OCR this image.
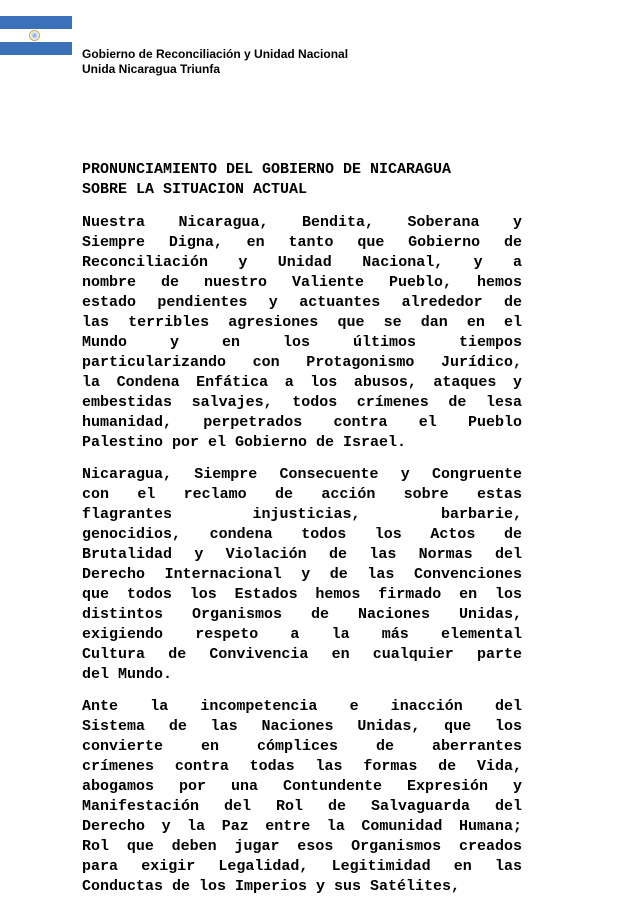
Gobierno de Reconciliación y Unidad Nacional
Unida Nicaragua Triunfa
PRONUNCIAMIENTO DEL GOBIERNO DE NICARAGUA
SOBRE LA SITUACION ACTUAL

Nuestra Nicaragua, Bendita, Soberana y
Siempre Digna, en tanto que Gobierno de
Reconciliación y Unidad Nacional, y a
nombre de nuestro Valiente Pueblo, hemos
estado pendientes y actuantes alrededor de
las terribles agresiones que se dan en el
Mundo y en los últimos tiempos
particularizando con Protagonismo Jurídico,
la Condena Enfática a los abusos, ataques y
embestidas salvajes, todos crímenes de lesa
humanidad, perpetrados contra el Pueblo
Palestino por el Gobierno de Israel.

Nicaragua, Siempre Consecuente y Congruente
con el reclamo de acción sobre estas
flagrantes injusticias, barbarie,
genocidios, condena todos los Actos de
Brutalidad y Violación de las Normas del
Derecho Internacional y de las Convenciones
que todos los Estados hemos firmado en los
distintos Organismos de Naciones Unidas,
exigiendo respeto a la más elemental
Cultura de Convivencia en cualquier parte
del Mundo.

Ante la incompetencia e inacción del
Sistema de las Naciones Unidas, que los
convierte en cómplices de aberrantes
crímenes contra todas las formas de Vida,
abogamos por una Contundente Expresión y
Manifestación del Rol de Salvaguarda del
Derecho y la Paz entre la Comunidad Humana;
Rol que deben jugar esos Organismos creados
para exigir Legalidad, Legitimidad en las
Conductas de los Imperios y sus Satélites,
